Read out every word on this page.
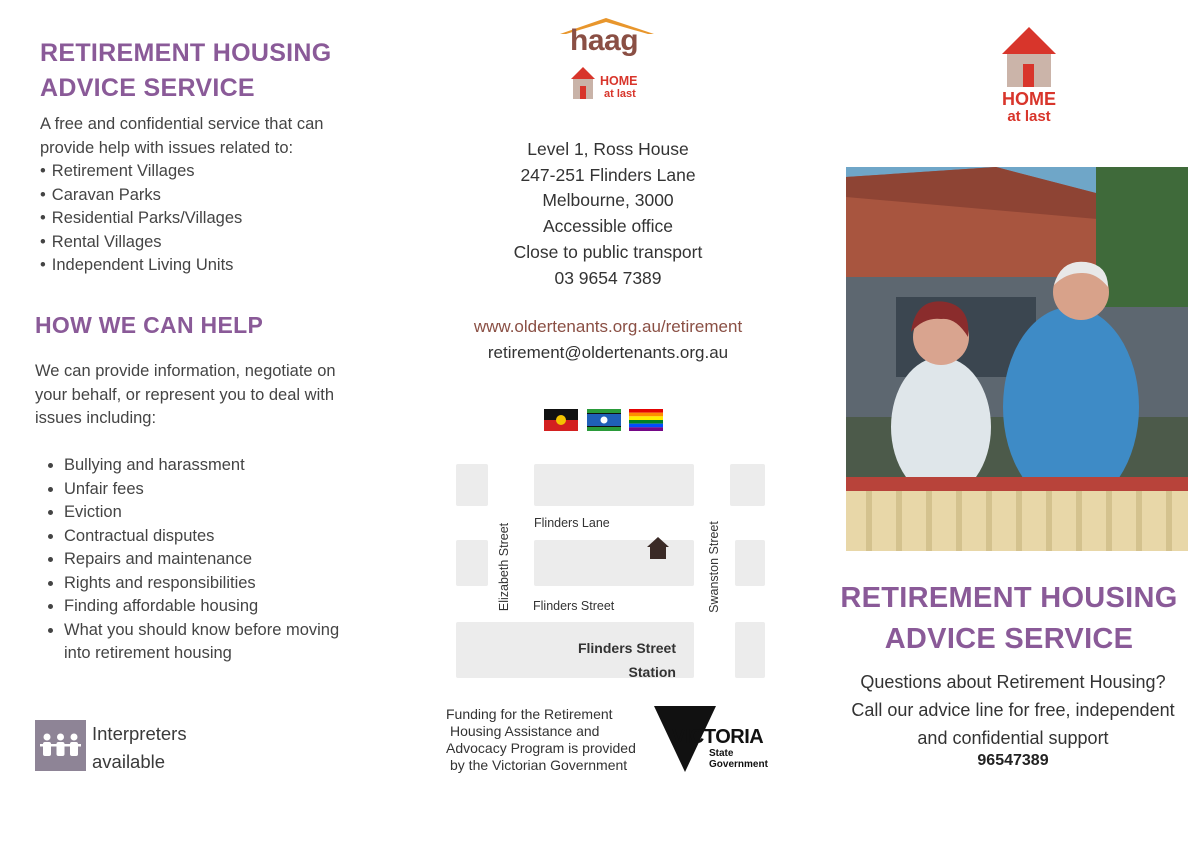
RETIREMENT HOUSING
ADVICE SERVICE
A free and confidential service that can
provide help with issues related to:
• Retirement Villages
• Caravan Parks
• Residential Parks/Villages
• Rental Villages
• Independent Living Units
HOW WE CAN HELP
We can provide information, negotiate on
your behalf, or represent you to deal with
issues including:
• Bullying and harassment
• Unfair fees
• Eviction
• Contractual disputes
• Repairs and maintenance
• Rights and responsibilities
• Finding affordable housing
• What you should know before moving
into retirement housing
Interpreters
available
haag
HOME
at last
Level 1, Ross House
247-251 Flinders Lane
Melbourne, 3000
Accessible office
Close to public transport
03 9654 7389
www.oldertenants.org.au/retirement
retirement@oldertenants.org.au
Flinders Lane
Flinders Street
Elizabeth Street	Swanston Street
Flinders Street
Station
Funding for the Retirement
Housing Assistance and
Advocacy Program is provided
by the Victorian Government
VICTORIA
State
Government
HOME
at last
RETIREMENT HOUSING
ADVICE SERVICE
Questions about Retirement Housing?
Call our advice line for free, independent
and confidential support
96547389
